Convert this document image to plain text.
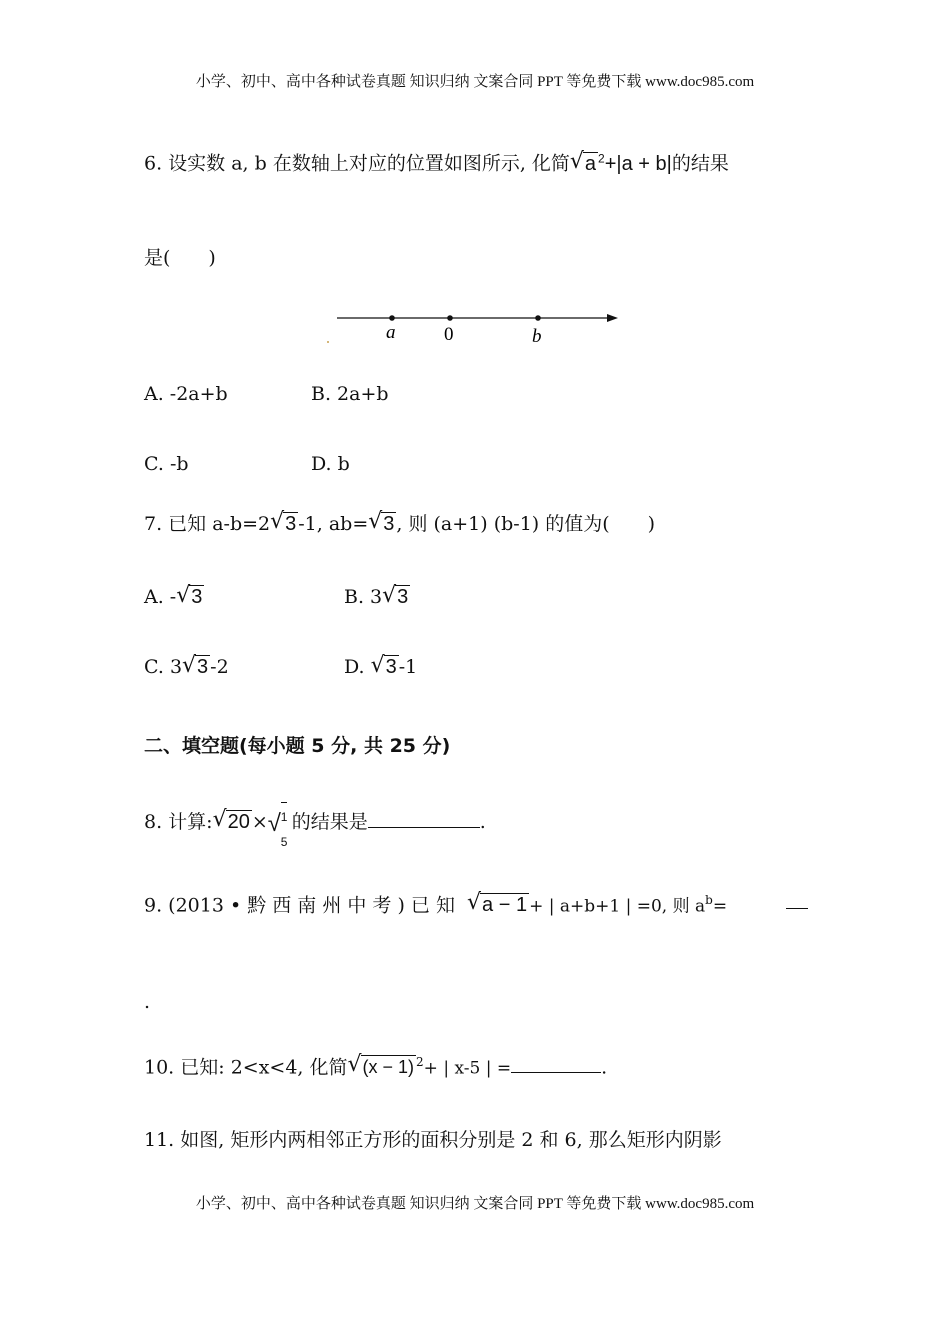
小学、初中、高中各种试卷真题 知识归纳 文案合同 PPT 等免费下载 www.doc985.com
6. 设实数 a, b 在数轴上对应的位置如图所示, 化简 √ a $^2$+|a + b|的结果
是(　　)
a	0	b
A. -2a+b	B. 2a+b
C. -b	D. b
7. 已知 a-b=2 √ 3 -1, ab= √ 3 , 则 (a+1) (b-1) 的值为(　　)
A. - √ 3	B. 3 √ 3
C. 3 √ 3 -2	D. √ 3 -1
二、填空题(每小题 5 分, 共 25 分)
8. 计算: √ 20 × √ 1
5
的结果是	.
9. (2013 • 黔 西 南 州 中 考 ) 已 知 √ a − 1 + | a+b+1 | =0, 则 $a^b=$
.
10. 已知: 2<x<4, 化简 √ (x − 1) $^2$+ | x-5 | =	.
11. 如图, 矩形内两相邻正方形的面积分别是 2 和 6, 那么矩形内阴影
小学、初中、高中各种试卷真题 知识归纳 文案合同 PPT 等免费下载 www.doc985.com
